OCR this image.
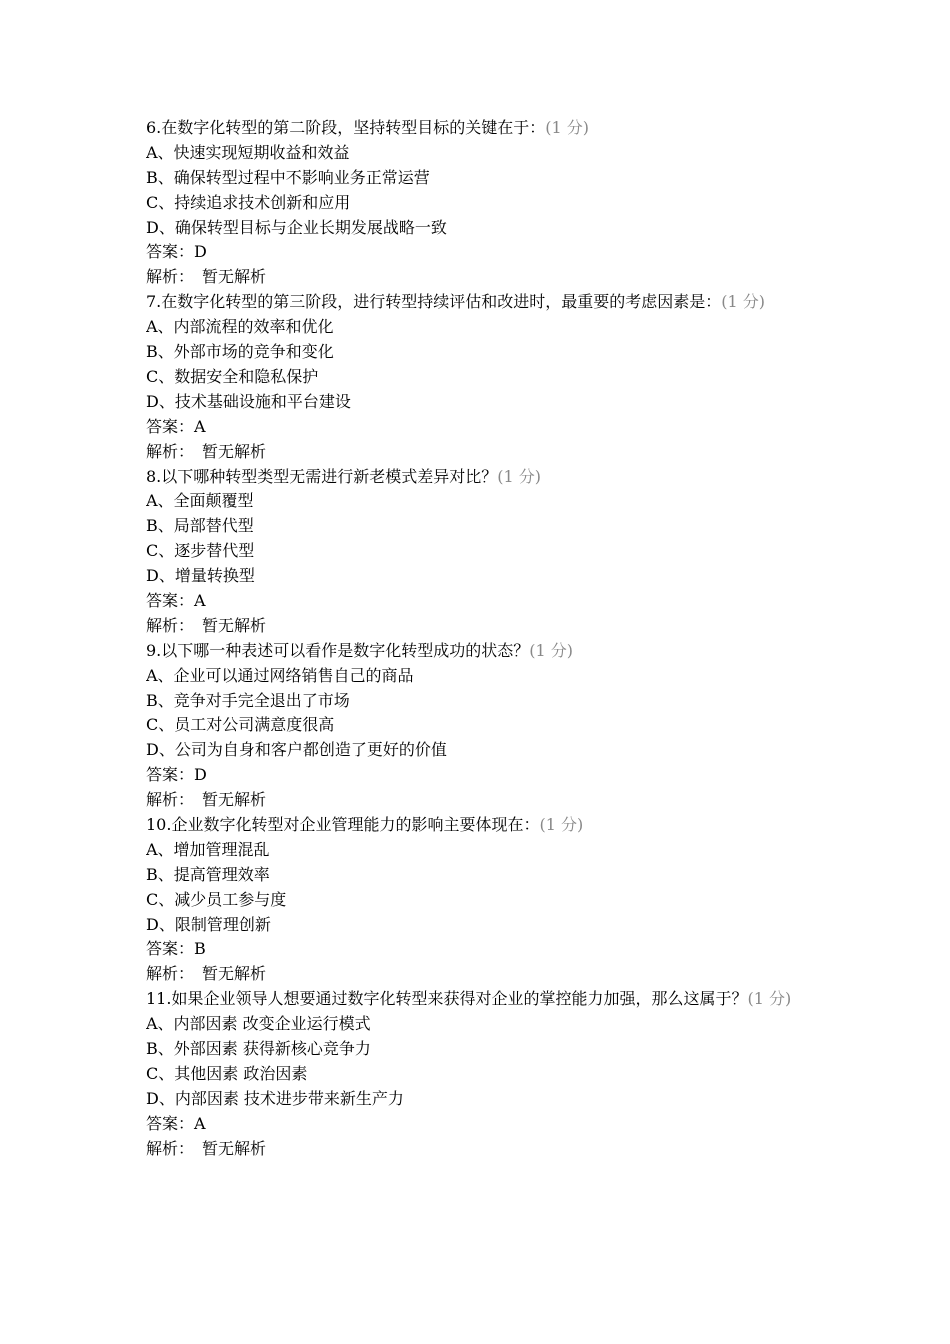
6.在数字化转型的第二阶段，坚持转型目标的关键在于：(1 分)
A、快速实现短期收益和效益
B、确保转型过程中不影响业务正常运营
C、持续追求技术创新和应用
D、确保转型目标与企业长期发展战略一致
答案：D
解析：　暂无解析
7.在数字化转型的第三阶段，进行转型持续评估和改进时，最重要的考虑因素是：(1 分)
A、内部流程的效率和优化
B、外部市场的竞争和变化
C、数据安全和隐私保护
D、技术基础设施和平台建设
答案：A
解析：　暂无解析
8.以下哪种转型类型无需进行新老模式差异对比？(1 分)
A、全面颠覆型
B、局部替代型
C、逐步替代型
D、增量转换型
答案：A
解析：　暂无解析
9.以下哪一种表述可以看作是数字化转型成功的状态？(1 分)
A、企业可以通过网络销售自己的商品
B、竞争对手完全退出了市场
C、员工对公司满意度很高
D、公司为自身和客户都创造了更好的价值
答案：D
解析：　暂无解析
10.企业数字化转型对企业管理能力的影响主要体现在：(1 分)
A、增加管理混乱
B、提高管理效率
C、减少员工参与度
D、限制管理创新
答案：B
解析：　暂无解析
11.如果企业领导人想要通过数字化转型来获得对企业的掌控能力加强，那么这属于？(1 分)
A、内部因素 改变企业运行模式
B、外部因素 获得新核心竞争力
C、其他因素 政治因素
D、内部因素 技术进步带来新生产力
答案：A
解析：　暂无解析
